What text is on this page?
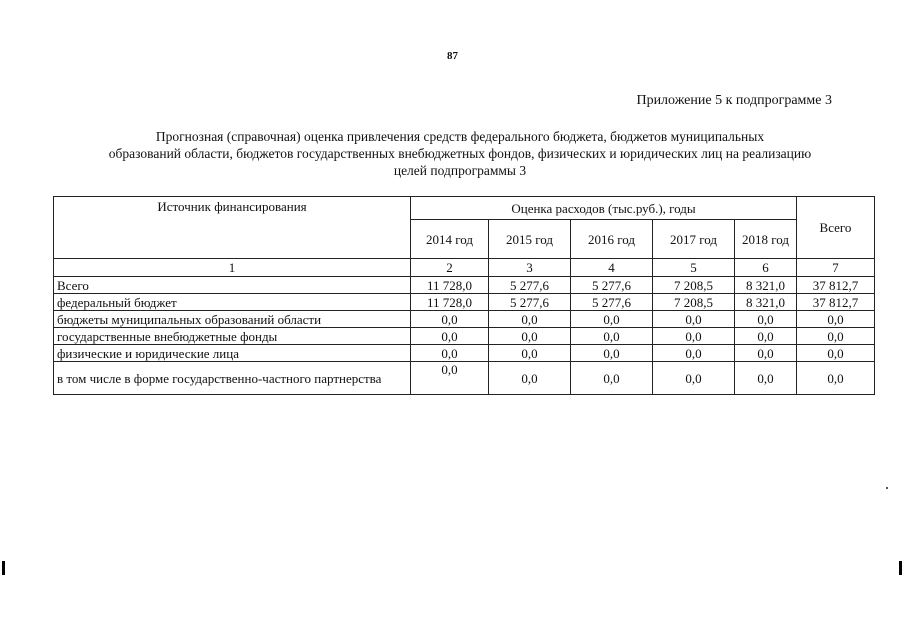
87
Приложение 5 к подпрограмме 3
Прогнозная (справочная) оценка привлечения средств федерального бюджета, бюджетов муниципальных
образований области, бюджетов государственных внебюджетных фондов, физических и юридических лиц на реализацию
целей подпрограммы 3
Источник финансирования	Оценка расходов (тыс.руб.), годы					Всего
	2014 год	2015 год	2016 год	2017 год	2018 год	
1	2	3	4	5	6	7
Всего	11 728,0	5 277,6	5 277,6	7 208,5	8 321,0	37 812,7
федеральный бюджет	11 728,0	5 277,6	5 277,6	7 208,5	8 321,0	37 812,7
бюджеты муниципальных образований области	0,0	0,0	0,0	0,0	0,0	0,0
государственные внебюджетные фонды	0,0	0,0	0,0	0,0	0,0	0,0
физические и юридические лица	0,0	0,0	0,0	0,0	0,0	0,0
в том числе в форме государственно-частного партнерства	0,0	0,0	0,0	0,0	0,0	0,0
